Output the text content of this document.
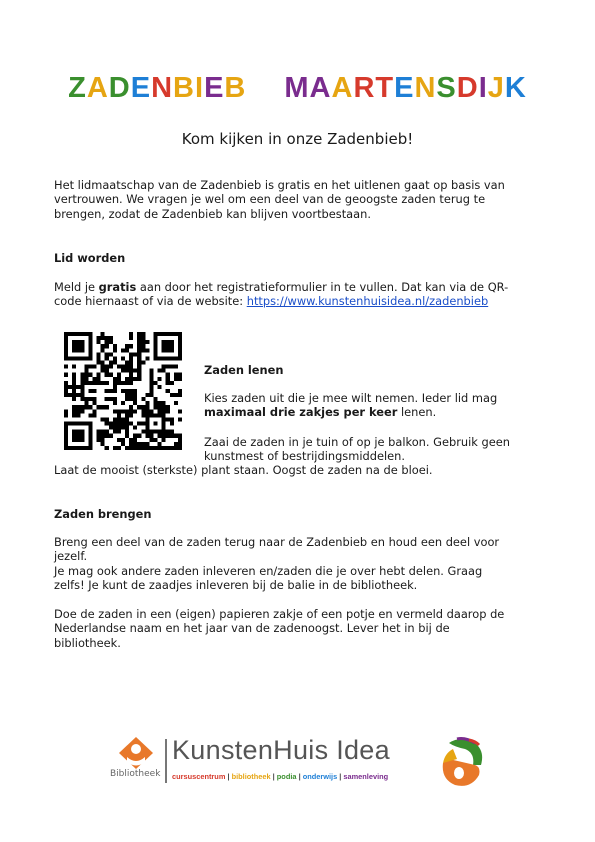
ZADENBIEB MAARTENSDIJK
Kom kijken in onze Zadenbieb!
Het lidmaatschap van de Zadenbieb is gratis en het uitlenen gaat op basis van
vertrouwen. We vragen je wel om een deel van de geoogste zaden terug te
brengen, zodat de Zadenbieb kan blijven voortbestaan.
Lid worden
Meld je gratis aan door het registratieformulier in te vullen. Dat kan via de QR-
code hiernaast of via de website: https://www.kunstenhuisidea.nl/zadenbieb
Zaden lenen
Kies zaden uit die je mee wilt nemen. Ieder lid mag
maximaal drie zakjes per keer lenen.
Zaai de zaden in je tuin of op je balkon. Gebruik geen
kunstmest of bestrijdingsmiddelen.
Laat de mooist (sterkste) plant staan. Oogst de zaden na de bloei.
Zaden brengen
Breng een deel van de zaden terug naar de Zadenbieb en houd een deel voor
jezelf.
Je mag ook andere zaden inleveren en/zaden die je over hebt delen. Graag
zelfs! Je kunt de zaadjes inleveren bij de balie in de bibliotheek.
Doe de zaden in een (eigen) papieren zakje of een potje en vermeld daarop de
Nederlandse naam en het jaar van de zadenoogst. Lever het in bij de
bibliotheek.
Bibliotheek
KunstenHuis Idea
cursuscentrum | bibliotheek | podia | onderwijs | samenleving
